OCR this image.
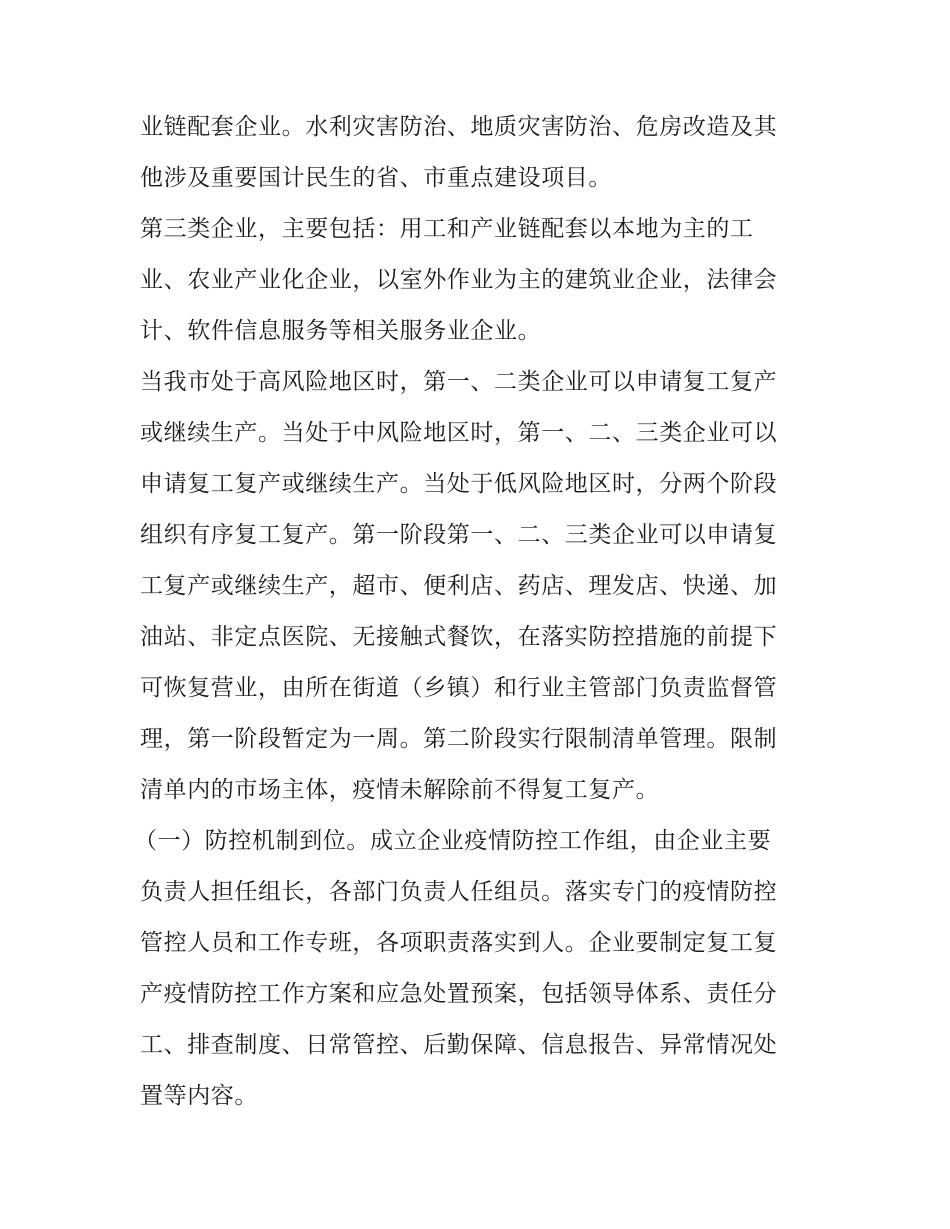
业链配套企业。水利灾害防治、地质灾害防治、危房改造及其
他涉及重要国计民生的省、市重点建设项目。
第三类企业，主要包括：用工和产业链配套以本地为主的工
业、农业产业化企业，以室外作业为主的建筑业企业，法律会
计、软件信息服务等相关服务业企业。
当我市处于高风险地区时，第一、二类企业可以申请复工复产
或继续生产。当处于中风险地区时，第一、二、三类企业可以
申请复工复产或继续生产。当处于低风险地区时，分两个阶段
组织有序复工复产。第一阶段第一、二、三类企业可以申请复
工复产或继续生产，超市、便利店、药店、理发店、快递、加
油站、非定点医院、无接触式餐饮，在落实防控措施的前提下
可恢复营业，由所在街道（乡镇）和行业主管部门负责监督管
理，第一阶段暂定为一周。第二阶段实行限制清单管理。限制
清单内的市场主体，疫情未解除前不得复工复产。
（一）防控机制到位。成立企业疫情防控工作组，由企业主要
负责人担任组长，各部门负责人任组员。落实专门的疫情防控
管控人员和工作专班，各项职责落实到人。企业要制定复工复
产疫情防控工作方案和应急处置预案，包括领导体系、责任分
工、排查制度、日常管控、后勤保障、信息报告、异常情况处
置等内容。
